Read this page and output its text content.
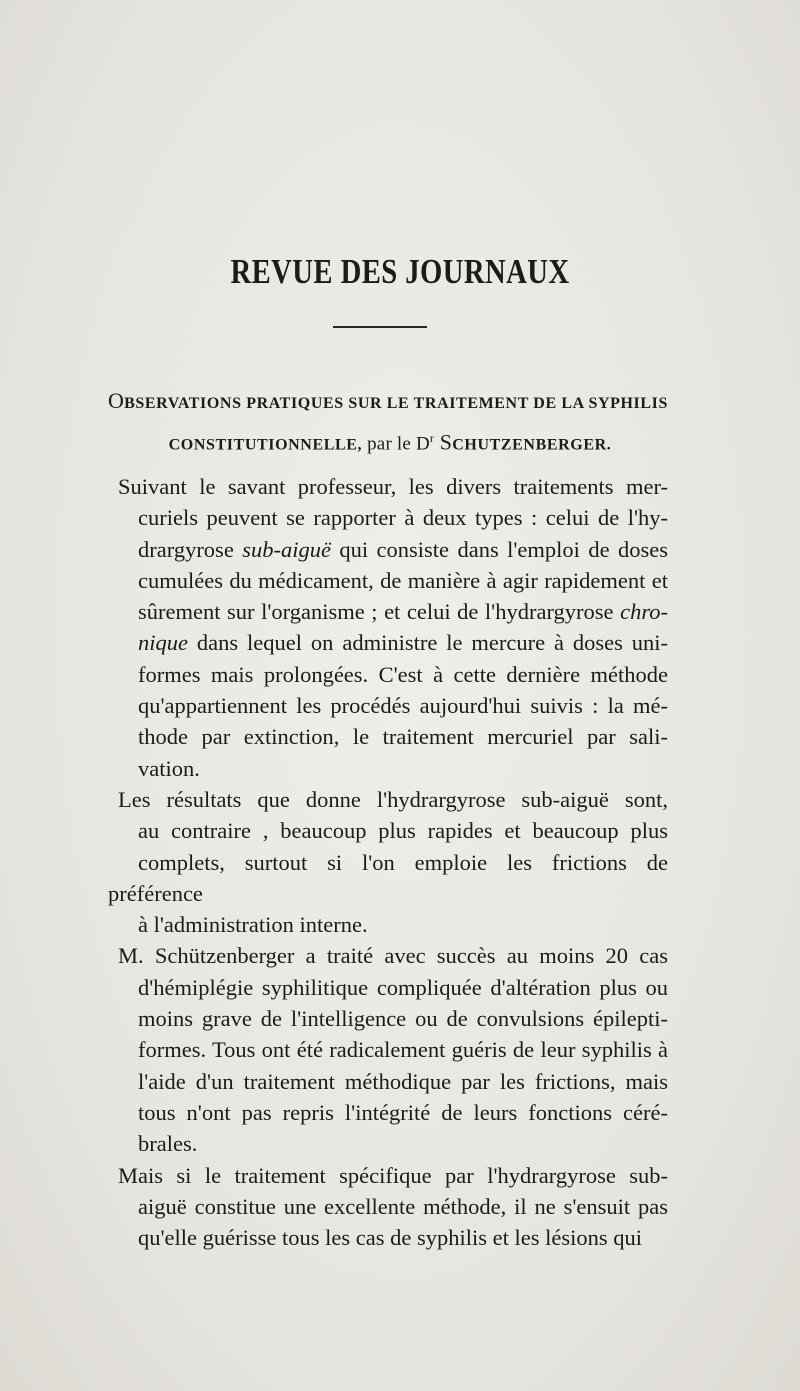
REVUE DES JOURNAUX
OBSERVATIONS PRATIQUES SUR LE TRAITEMENT DE LA SYPHILIS
CONSTITUTIONNELLE, par le $D^r$ SCHUTZENBERGER.

Suivant le savant professeur, les divers traitements mer-
curiels peuvent se rapporter à deux types : celui de l'hy-
drargyrose sub-aiguë qui consiste dans l'emploi de doses
cumulées du médicament, de manière à agir rapidement et
sûrement sur l'organisme ; et celui de l'hydrargyrose chro-
nique dans lequel on administre le mercure à doses uni-
formes mais prolongées. C'est à cette dernière méthode
qu'appartiennent les procédés aujourd'hui suivis : la mé-
thode par extinction, le traitement mercuriel par sali-
vation.

Les résultats que donne l'hydrargyrose sub-aiguë sont,
au contraire , beaucoup plus rapides et beaucoup plus
complets, surtout si l'on emploie les frictions de préférence
à l'administration interne.

M. Schützenberger a traité avec succès au moins 20 cas
d'hémiplégie syphilitique compliquée d'altération plus ou
moins grave de l'intelligence ou de convulsions épilepti-
formes. Tous ont été radicalement guéris de leur syphilis à
l'aide d'un traitement méthodique par les frictions, mais
tous n'ont pas repris l'intégrité de leurs fonctions céré-
brales.

Mais si le traitement spécifique par l'hydrargyrose sub-
aiguë constitue une excellente méthode, il ne s'ensuit pas
qu'elle guérisse tous les cas de syphilis et les lésions qui
